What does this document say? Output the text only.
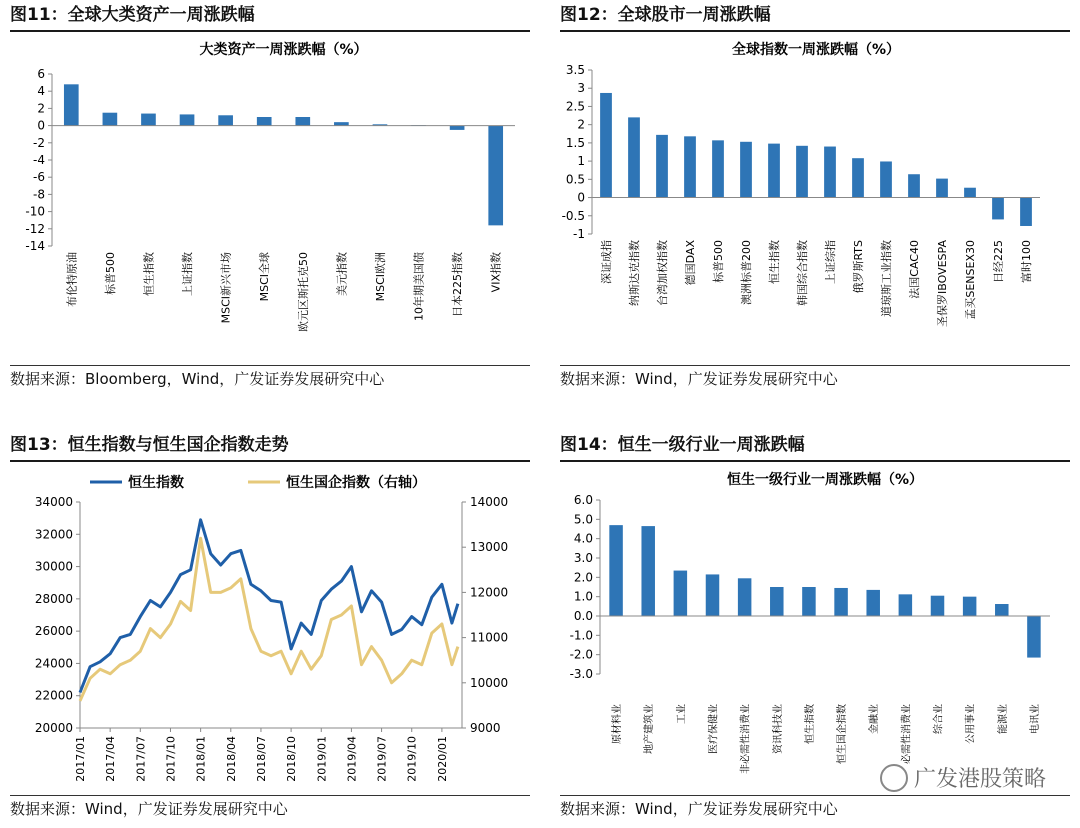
图11：全球大类资产一周涨跌幅
大类资产一周涨跌幅（%）
6
4
2
0
-2
-4
-6
-8
-10
-12
-14
布伦特原油 标普500 恒生指数 上证指数 MSCI新兴市场 MSCI全球 欧元区斯托克50 美元指数 MSCI欧洲 10年期美国债 日本225指数 VIX指数
数据来源：Bloomberg，Wind，广发证券发展研究中心
图12：全球股市一周涨跌幅
全球指数一周涨跌幅（%）
3.5
3
2.5
2
1.5
1
0.5
0
-0.5
-1
深证成指 纳斯达克指数 台湾加权指数 德国DAX 标普500 澳洲标普200 恒生指数 韩国综合指数 上证综指 俄罗斯RTS 道琼斯工业指数 法国CAC40 圣保罗IBOVESPA 孟买SENSEX30 日经225 富时100
数据来源：Wind，广发证券发展研究中心
图13：恒生指数与恒生国企指数走势
34000
32000
30000
28000
26000
24000
22000
20000
14000
13000
12000
11000
10000
9000
2017/01 2017/04 2017/07 2017/10 2018/01 2018/04 2018/07 2018/10 2019/01 2019/04 2019/07 2019/10 2020/01
恒生指数	恒生国企指数（右轴）
数据来源：Wind，广发证券发展研究中心
图14：恒生一级行业一周涨跌幅
恒生一级行业一周涨跌幅（%）
6.0
5.0
4.0
3.0
2.0
1.0
0.0
-1.0
-2.0
-3.0
原材料业 地产建筑业 工业 医疗保健业 非必需性消费业 资讯科技业 恒生指数 恒生国企指数 金融业 必需性消费业 综合业 公用事业 能源业 电讯业
数据来源：Wind，广发证券发展研究中心
广发港股策略
